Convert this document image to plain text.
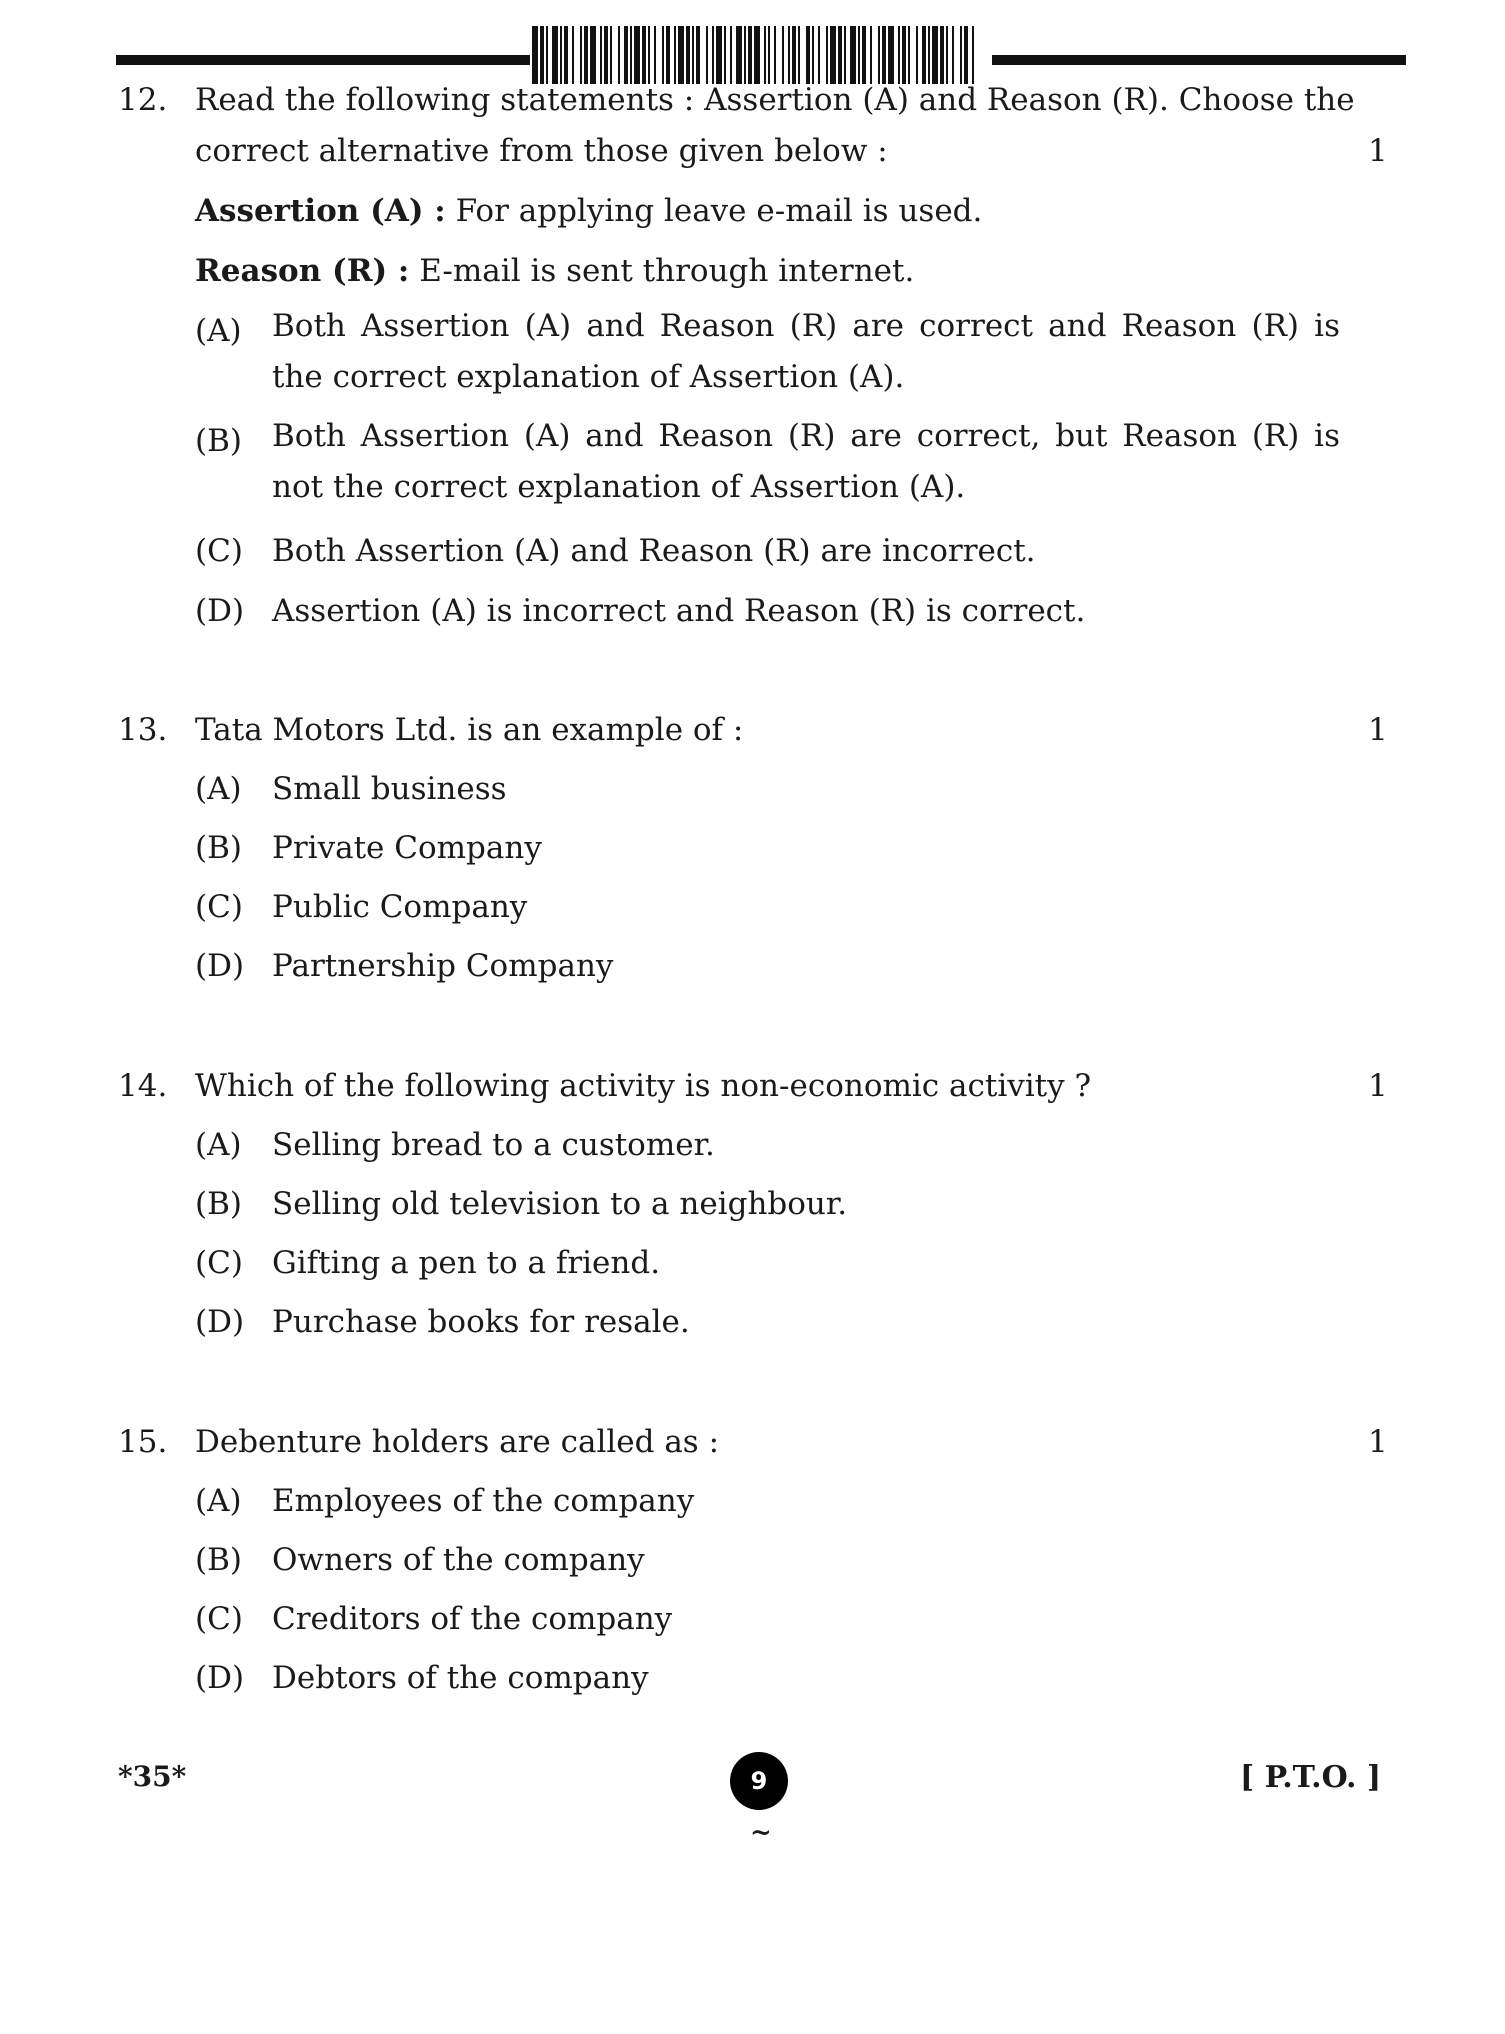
12. Read the following statements : Assertion (A) and Reason (R). Choose the
correct alternative from those given below :	1
Assertion (A) : For applying leave e-mail is used.
Reason (R) : E-mail is sent through internet.
(A) Both Assertion (A) and Reason (R) are correct and Reason (R) is the correct explanation of Assertion (A).
(B) Both Assertion (A) and Reason (R) are correct, but Reason (R) is not the correct explanation of Assertion (A).
(C) Both Assertion (A) and Reason (R) are incorrect.
(D) Assertion (A) is incorrect and Reason (R) is correct.
13. Tata Motors Ltd. is an example of :	1
(A) Small business
(B) Private Company
(C) Public Company
(D) Partnership Company
14. Which of the following activity is non-economic activity ?	1
(A) Selling bread to a customer.
(B) Selling old television to a neighbour.
(C) Gifting a pen to a friend.
(D) Purchase books for resale.
15. Debenture holders are called as :	1
(A) Employees of the company
(B) Owners of the company
(C) Creditors of the company
(D) Debtors of the company
*35*	9
~
[ P.T.O. ]
